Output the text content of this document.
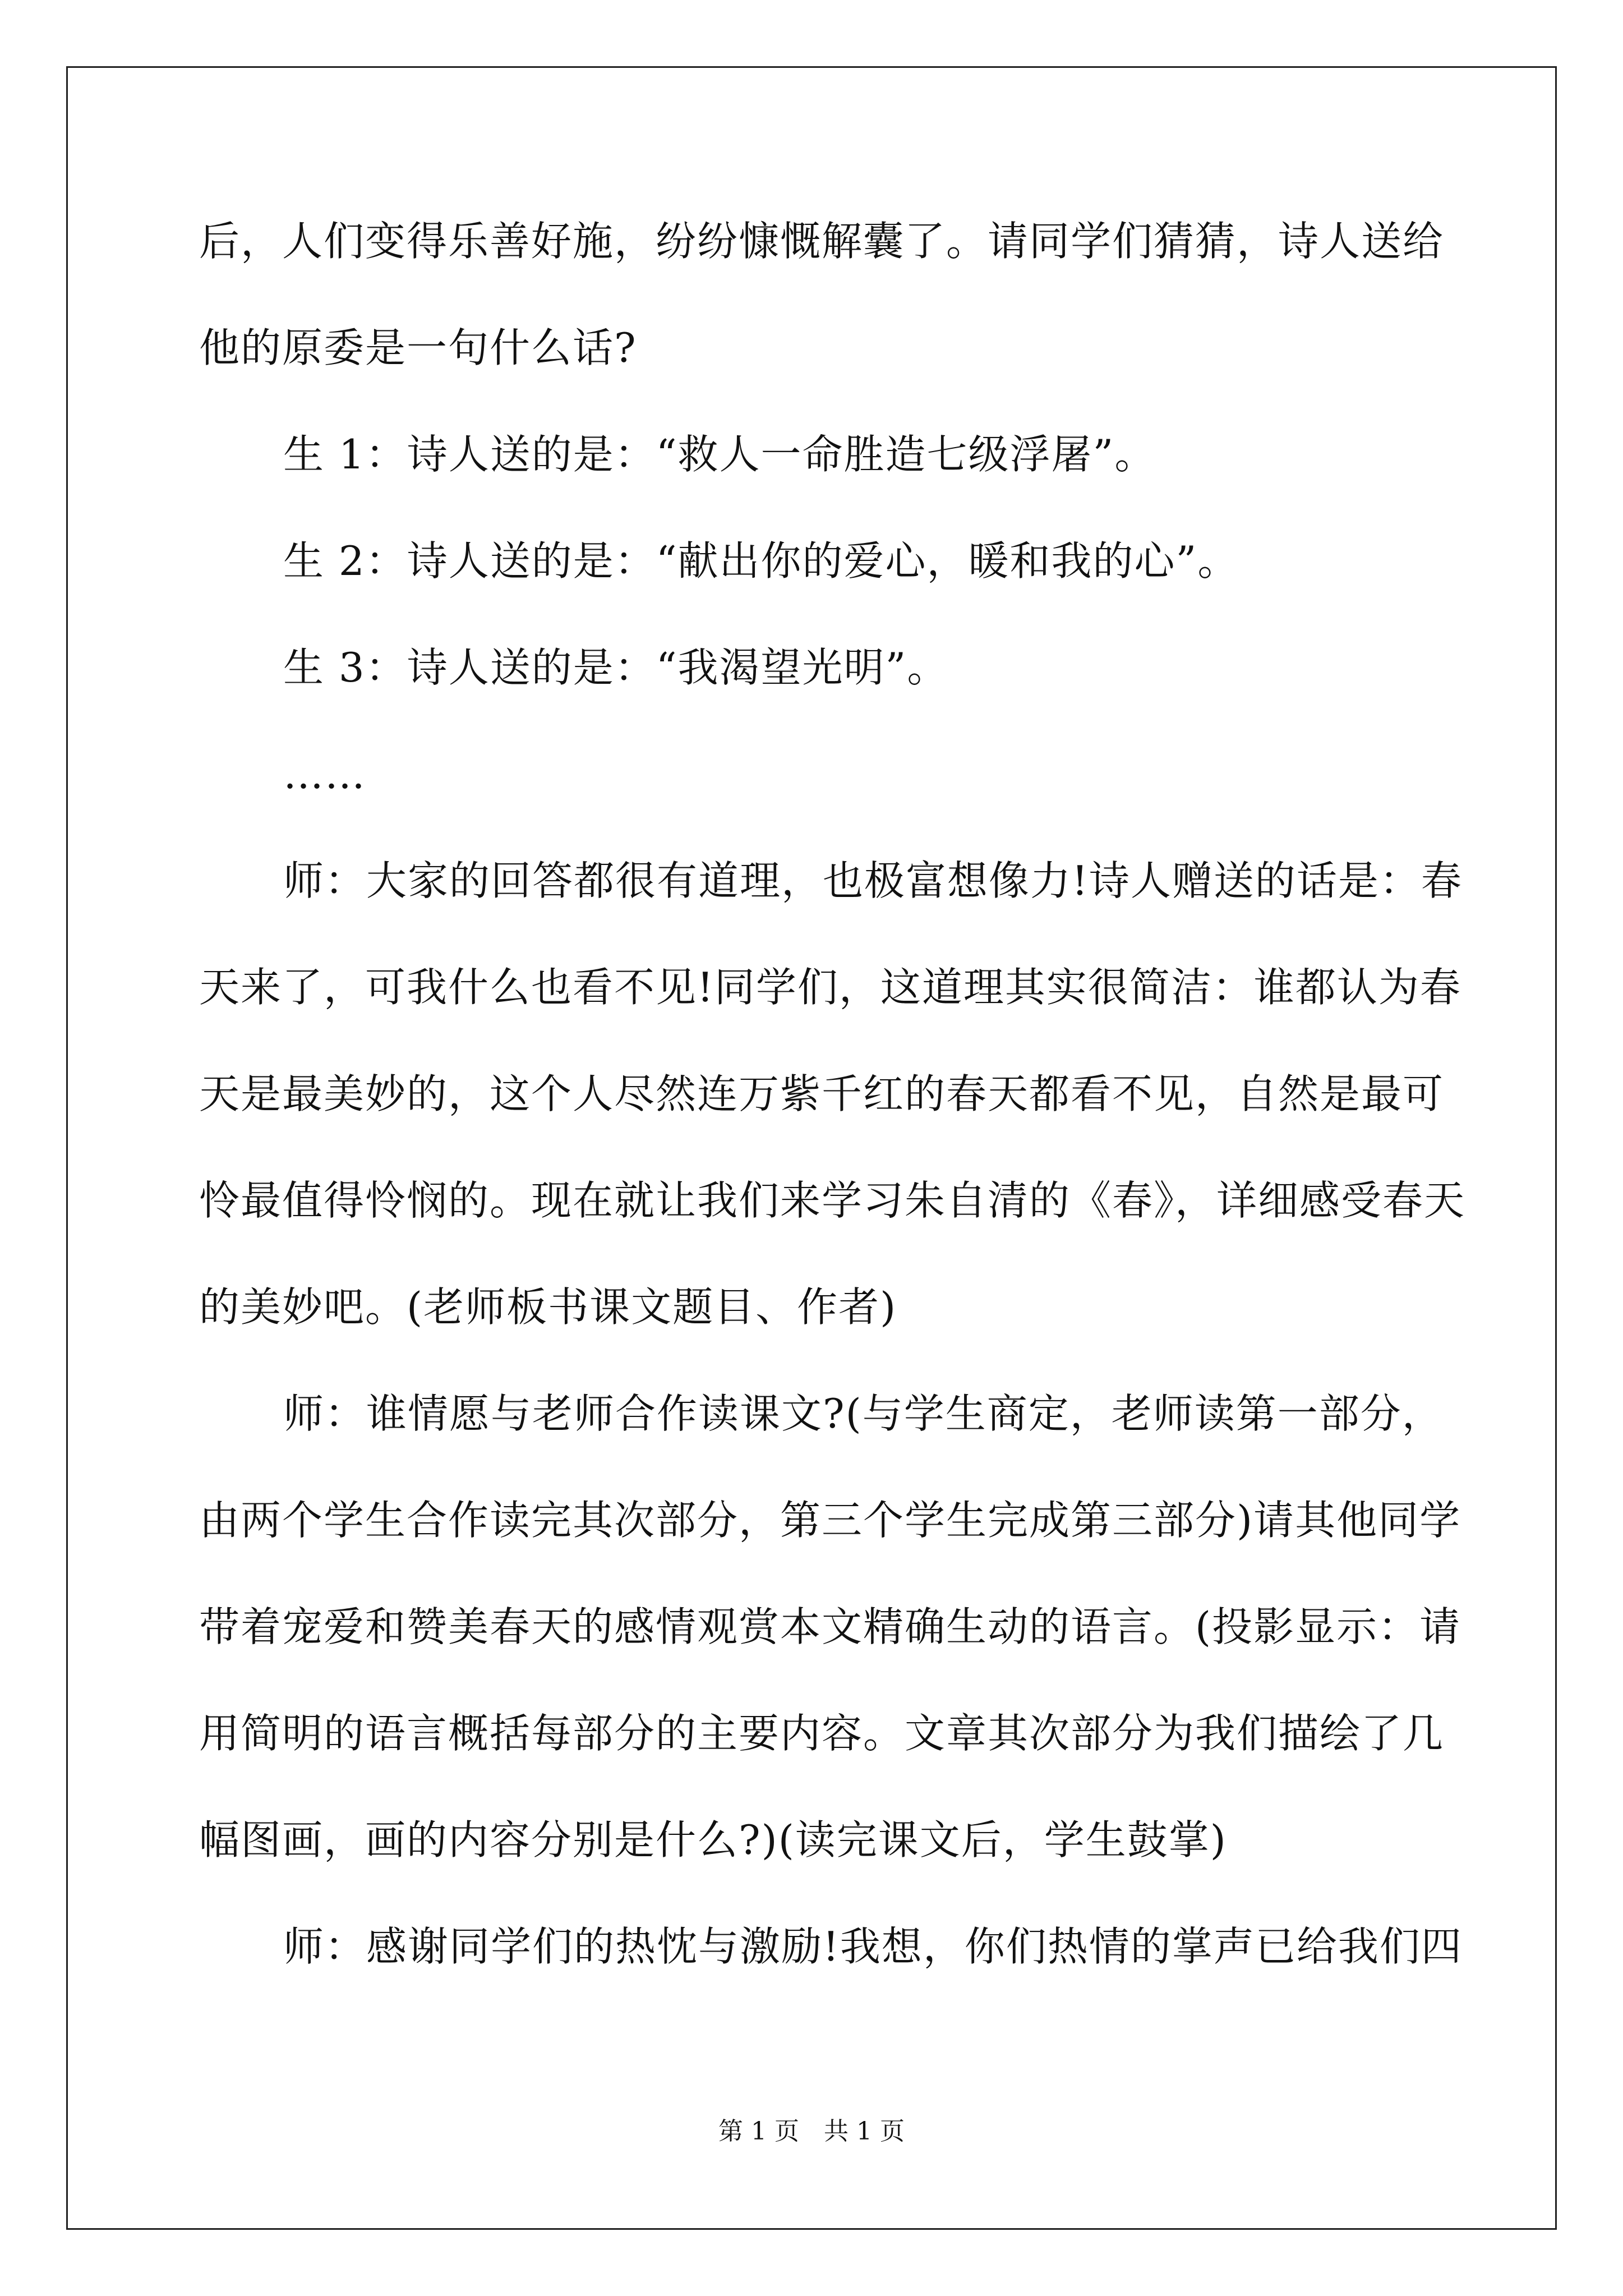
后，人们变得乐善好施，纷纷慷慨解囊了。请同学们猜猜，诗人送给
他的原委是一句什么话?
生 1：诗人送的是：“救人一命胜造七级浮屠”。
生 2：诗人送的是：“献出你的爱心，暖和我的心”。
生 3：诗人送的是：“我渴望光明”。
……
师：大家的回答都很有道理，也极富想像力!诗人赠送的话是：春
天来了，可我什么也看不见!同学们，这道理其实很简洁：谁都认为春
天是最美妙的，这个人尽然连万紫千红的春天都看不见，自然是最可
怜最值得怜悯的。现在就让我们来学习朱自清的《春》，详细感受春天
的美妙吧。(老师板书课文题目、作者)
师：谁情愿与老师合作读课文?(与学生商定，老师读第一部分，
由两个学生合作读完其次部分，第三个学生完成第三部分)请其他同学
带着宠爱和赞美春天的感情观赏本文精确生动的语言。(投影显示：请
用简明的语言概括每部分的主要内容。文章其次部分为我们描绘了几
幅图画，画的内容分别是什么?)(读完课文后，学生鼓掌)
师：感谢同学们的热忱与激励!我想，你们热情的掌声已给我们四
第 1 页　共 1 页
